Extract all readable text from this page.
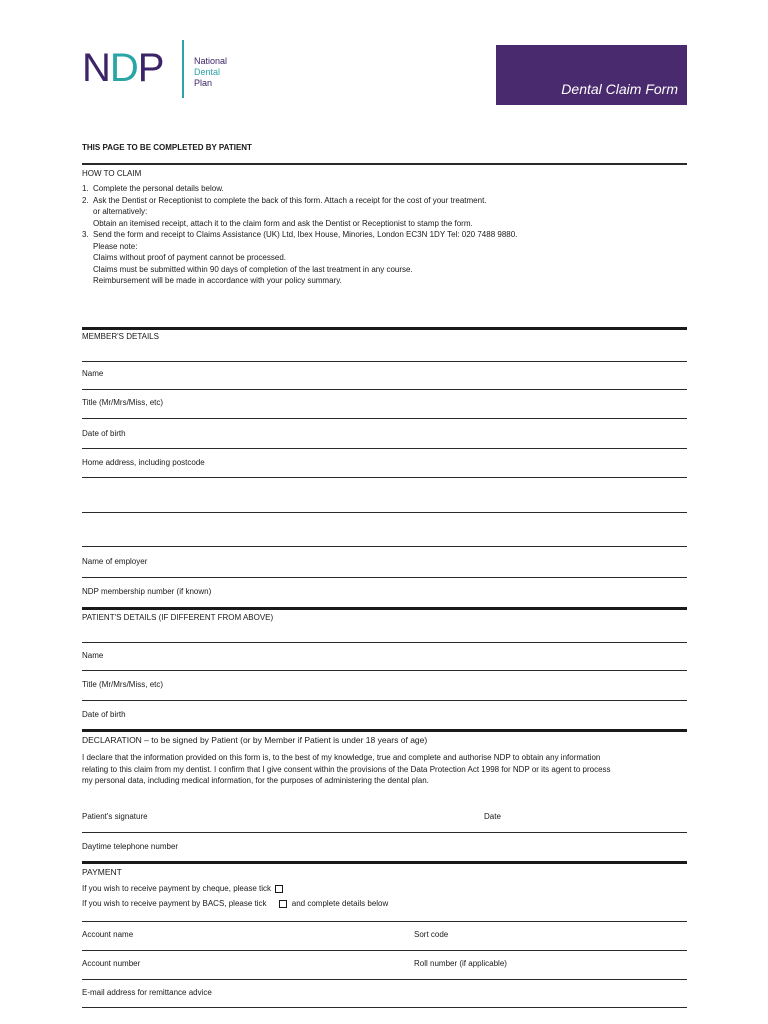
NDP	National
Dental
Plan	Dental Claim Form
THIS PAGE TO BE COMPLETED BY PATIENT
HOW TO CLAIM
1. Complete the personal details below.
2. Ask the Dentist or Receptionist to complete the back of this form. Attach a receipt for the cost of your treatment.
or alternatively:
Obtain an itemised receipt, attach it to the claim form and ask the Dentist or Receptionist to stamp the form.
3. Send the form and receipt to Claims Assistance (UK) Ltd, Ibex House, Minories, London EC3N 1DY Tel: 020 7488 9880.
Please note:
Claims without proof of payment cannot be processed.
Claims must be submitted within 90 days of completion of the last treatment in any course.
Reimbursement will be made in accordance with your policy summary.
MEMBER'S DETAILS
Name
Title (Mr/Mrs/Miss, etc)
Date of birth
Home address, including postcode
Name of employer
NDP membership number (if known)
PATIENT'S DETAILS (IF DIFFERENT FROM ABOVE)
Name
Title (Mr/Mrs/Miss, etc)
Date of birth
DECLARATION – to be signed by Patient (or by Member if Patient is under 18 years of age)
I declare that the information provided on this form is, to the best of my knowledge, true and complete and authorise NDP to obtain any information
relating to this claim from my dentist. I confirm that I give consent within the provisions of the Data Protection Act 1998 for NDP or its agent to process
my personal data, including medical information, for the purposes of administering the dental plan.
Patient's signature	Date
Daytime telephone number
PAYMENT
If you wish to receive payment by cheque, please tick
If you wish to receive payment by BACS, please tick	and complete details below
Account name	Sort code
Account number	Roll number (if applicable)
E-mail address for remittance advice
